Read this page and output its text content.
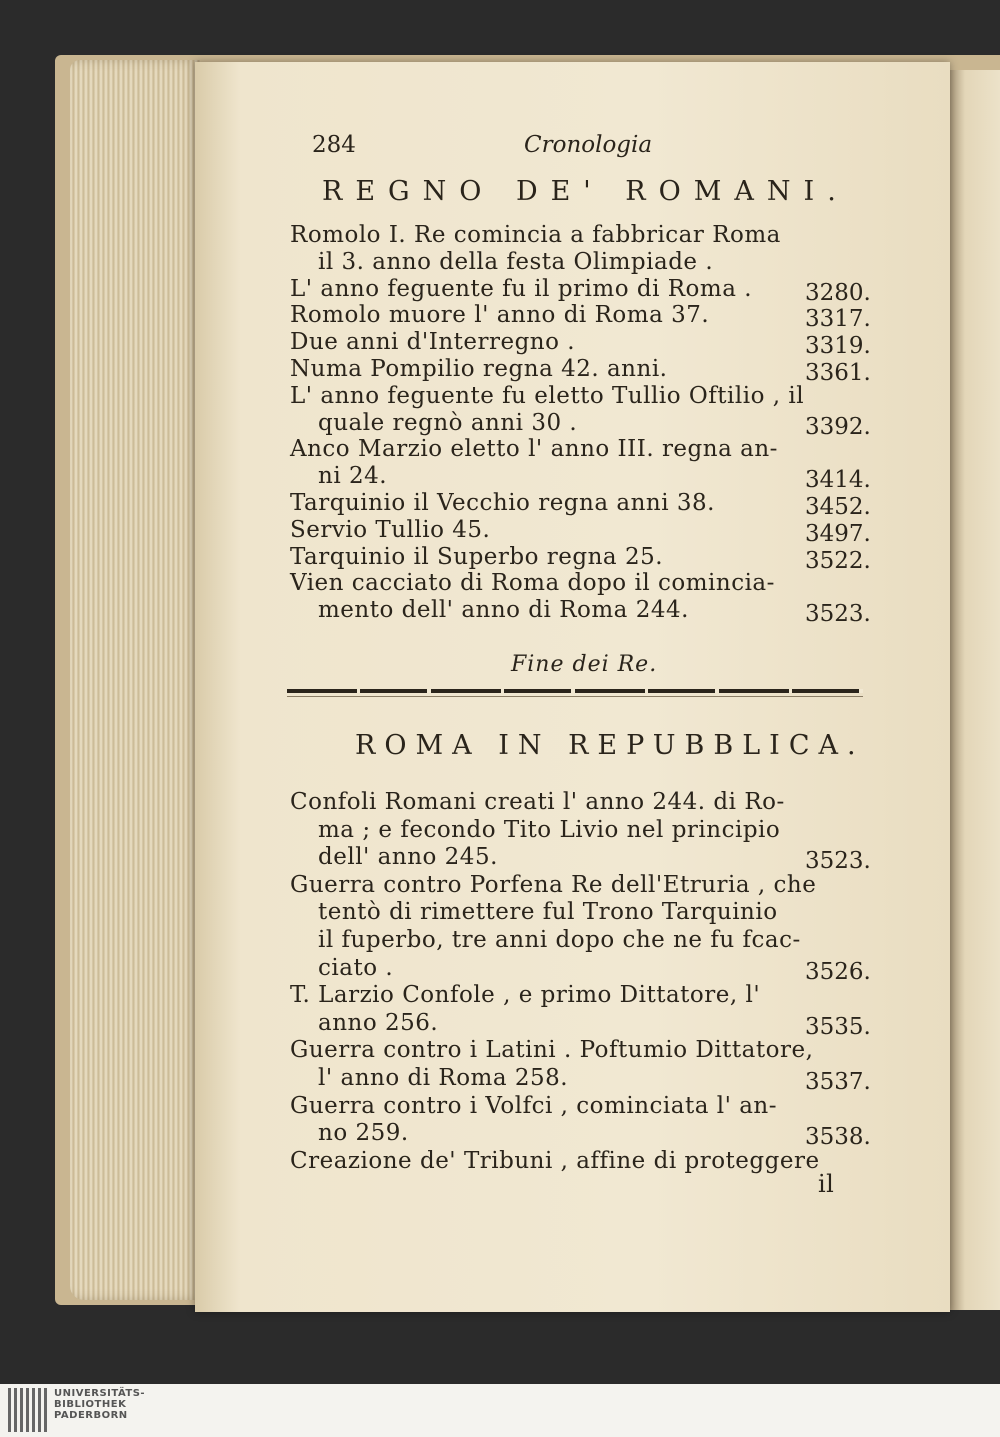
284	Cronologia
REGNO DE' ROMANI.
Romolo I. Re comincia a fabbricar Roma
il 3. anno della festa Olimpiade .
L' anno feguente fu il primo di Roma . 3280.
Romolo muore l' anno di Roma 37.	3317.
Due anni d'Interregno .	3319.
Numa Pompilio regna 42. anni.	3361.
L' anno feguente fu eletto Tullio Oftilio , il
quale regnò anni 30 .	3392.
Anco Marzio eletto l' anno III. regna an-
ni 24.	3414.
Tarquinio il Vecchio regna anni 38.	3452.
Servio Tullio 45.	3497.
Tarquinio il Superbo regna 25.	3522.
Vien cacciato di Roma dopo il comincia-
mento dell' anno di Roma 244.	3523.
Fine dei Re.
ROMA IN REPUBBLICA.
Confoli Romani creati l' anno 244. di Ro-
ma ; e fecondo Tito Livio nel principio
dell' anno 245.	3523.
Guerra contro Porfena Re dell'Etruria , che
tentò di rimettere ful Trono Tarquinio
il fuperbo, tre anni dopo che ne fu fcac-
ciato .	3526.
T. Larzio Confole , e primo Dittatore, l'
anno 256.	3535.
Guerra contro i Latini . Poftumio Dittatore,
l' anno di Roma 258.	3537.
Guerra contro i Volfci , cominciata l' an-
no 259.	3538.
Creazione de' Tribuni , affine di proteggere
il
UNIVERSITÄTS-
BIBLIOTHEK
PADERBORN
